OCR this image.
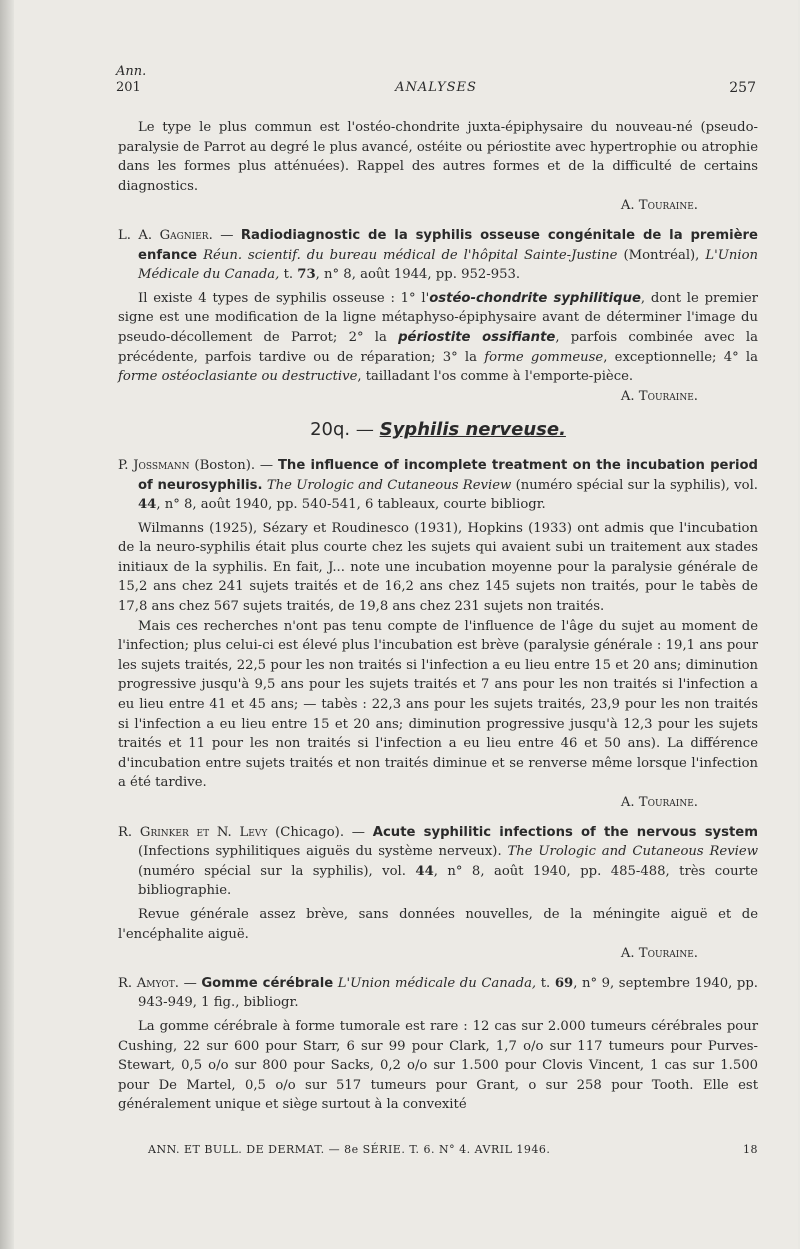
Ann.
201	ANALYSES	257

Le type le plus commun est l'ostéo-chondrite juxta-épiphysaire du nouveau-né (pseudo-paralysie de Parrot au degré le plus avancé, ostéite ou périostite avec hypertrophie ou atrophie dans les formes plus atténuées). Rappel des autres formes et de la difficulté de certains diagnostics.

A. Touraine.

L. A. Gagnier. — Radiodiagnostic de la syphilis osseuse congénitale de la première enfance Réun. scientif. du bureau médical de l'hôpital Sainte-Justine (Montréal), L'Union Médicale du Canada, t. 73, n° 8, août 1944, pp. 952-953.

Il existe 4 types de syphilis osseuse : 1° l'ostéo-chondrite syphilitique, dont le premier signe est une modification de la ligne métaphyso-épiphysaire avant de déterminer l'image du pseudo-décollement de Parrot; 2° la périostite ossifiante, parfois combinée avec la précédente, parfois tardive ou de réparation; 3° la forme gommeuse, exceptionnelle; 4° la forme ostéoclasiante ou destructive, tailladant l'os comme à l'emporte-pièce.

A. Touraine.

20q. — Syphilis nerveuse.

P. Jossmann (Boston). — The influence of incomplete treatment on the incubation period of neurosyphilis. The Urologic and Cutaneous Review (numéro spécial sur la syphilis), vol. 44, n° 8, août 1940, pp. 540-541, 6 tableaux, courte bibliogr.

Wilmanns (1925), Sézary et Roudinesco (1931), Hopkins (1933) ont admis que l'incubation de la neuro-syphilis était plus courte chez les sujets qui avaient subi un traitement aux stades initiaux de la syphilis. En fait, J... note une incubation moyenne pour la paralysie générale de 15,2 ans chez 241 sujets traités et de 16,2 ans chez 145 sujets non traités, pour le tabès de 17,8 ans chez 567 sujets traités, de 19,8 ans chez 231 sujets non traités.

Mais ces recherches n'ont pas tenu compte de l'influence de l'âge du sujet au moment de l'infection; plus celui-ci est élevé plus l'incubation est brève (paralysie générale : 19,1 ans pour les sujets traités, 22,5 pour les non traités si l'infection a eu lieu entre 15 et 20 ans; diminution progressive jusqu'à 9,5 ans pour les sujets traités et 7 ans pour les non traités si l'infection a eu lieu entre 41 et 45 ans; — tabès : 22,3 ans pour les sujets traités, 23,9 pour les non traités si l'infection a eu lieu entre 15 et 20 ans; diminution progressive jusqu'à 12,3 pour les sujets traités et 11 pour les non traités si l'infection a eu lieu entre 46 et 50 ans). La différence d'incubation entre sujets traités et non traités diminue et se renverse même lorsque l'infection a été tardive.

A. Touraine.

R. Grinker et N. Levy (Chicago). — Acute syphilitic infections of the nervous system (Infections syphilitiques aiguës du système nerveux). The Urologic and Cutaneous Review (numéro spécial sur la syphilis), vol. 44, n° 8, août 1940, pp. 485-488, très courte bibliographie.

Revue générale assez brève, sans données nouvelles, de la méningite aiguë et de l'encéphalite aiguë.

A. Touraine.

R. Amyot. — Gomme cérébrale L'Union médicale du Canada, t. 69, n° 9, septembre 1940, pp. 943-949, 1 fig., bibliogr.

La gomme cérébrale à forme tumorale est rare : 12 cas sur 2.000 tumeurs cérébrales pour Cushing, 22 sur 600 pour Starr, 6 sur 99 pour Clark, 1,7 o/o sur 117 tumeurs pour Purves-Stewart, 0,5 o/o sur 800 pour Sacks, 0,2 o/o sur 1.500 pour Clovis Vincent, 1 cas sur 1.500 pour De Martel, 0,5 o/o sur 517 tumeurs pour Grant, o sur 258 pour Tooth. Elle est généralement unique et siège surtout à la convexité

ANN. ET BULL. DE DERMAT. — 8e SÉRIE. T. 6. N° 4. AVRIL 1946.	18
